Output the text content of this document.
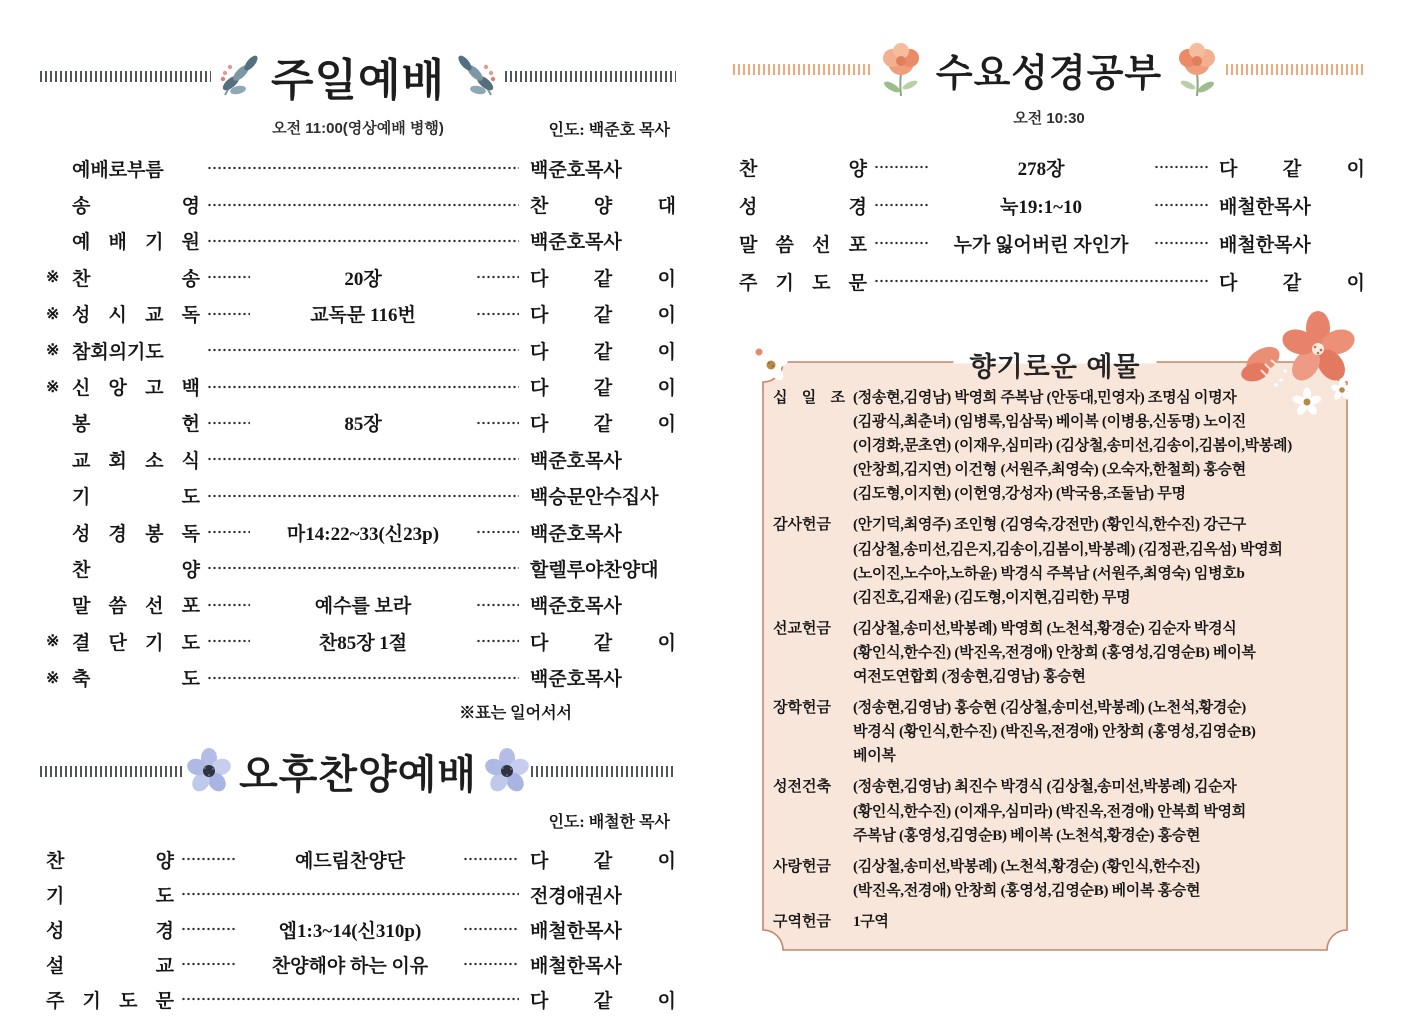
주일예배
오전 11:00(영상예배 병행)	인도: 백준호 목사
예배로부름	백준호목사
송 영	찬 양 대
예 배 기 원	백준호목사
※ 찬 송	20장	다 같 이
※ 성 시 교 독	교독문 116번	다 같 이
※ 참회의기도	다 같 이
※ 신 앙 고 백	다 같 이
봉 헌	85장	다 같 이
교 회 소 식	백준호목사
기 도	백승문안수집사
성 경 봉 독	마14:22~33(신23p)	백준호목사
찬 양	할렐루야찬양대
말 씀 선 포	예수를 보라	백준호목사
※ 결 단 기 도	찬85장 1절	다 같 이
※ 축 도	백준호목사
※표는 일어서서
오후찬양예배
인도: 배철한 목사
찬 양	예드림찬양단	다 같 이
기 도	전경애권사
성 경	엡1:3~14(신310p)	배철한목사
설 교	찬양해야 하는 이유	배철한목사
주 기 도 문	다 같 이
수요성경공부
오전 10:30
찬 양	278장	다 같 이
성 경	눅19:1~10	배철한목사
말 씀 선 포	누가 잃어버린 자인가	배철한목사
주 기 도 문	다 같 이
향기로운 예물
십 일 조 (정송현,김영남) 박영희 주복남 (안동대,민영자) 조명심 이명자
(김광식,최춘녀) (임병록,임삼묵) 베이복 (이병용,신동명) 노이진
(이경화,문초연) (이재우,심미라) (김상철,송미선,김송이,김봄이,박봉례)
(안창희,김지연) 이건형 (서원주,최영숙) (오숙자,한철희) 홍승현
(김도형,이지현) (이헌영,강성자) (박국용,조둘남) 무명
감사헌금	(안기덕,최영주) 조인형 (김영숙,강전만) (황인식,한수진) 강근구
(김상철,송미선,김은지,김송이,김봄이,박봉례) (김정관,김옥섬) 박영희
(노이진,노수아,노하윤) 박경식 주복남 (서원주,최영숙) 임병호b
(김진호,김재윤) (김도형,이지현,김리한) 무명
선교헌금	(김상철,송미선,박봉례) 박영희 (노천석,황경순) 김순자 박경식
(황인식,한수진) (박진옥,전경애) 안창희 (홍영성,김영순B) 베이복
여전도연합회 (정송현,김영남) 홍승현
장학헌금	(정송현,김영남) 홍승현 (김상철,송미선,박봉례) (노천석,황경순)
박경식 (황인식,한수진) (박진옥,전경애) 안창희 (홍영성,김영순B)
베이복
성전건축	(정송현,김영남) 최진수 박경식 (김상철,송미선,박봉례) 김순자
(황인식,한수진) (이재우,심미라) (박진옥,전경애) 안복희 박영희
주복남 (홍영성,김영순B) 베이복 (노천석,황경순) 홍승현
사랑헌금	(김상철,송미선,박봉례) (노천석,황경순) (황인식,한수진)
(박진옥,전경애) 안창희 (홍영성,김영순B) 베이복 홍승현
구역헌금	1구역
